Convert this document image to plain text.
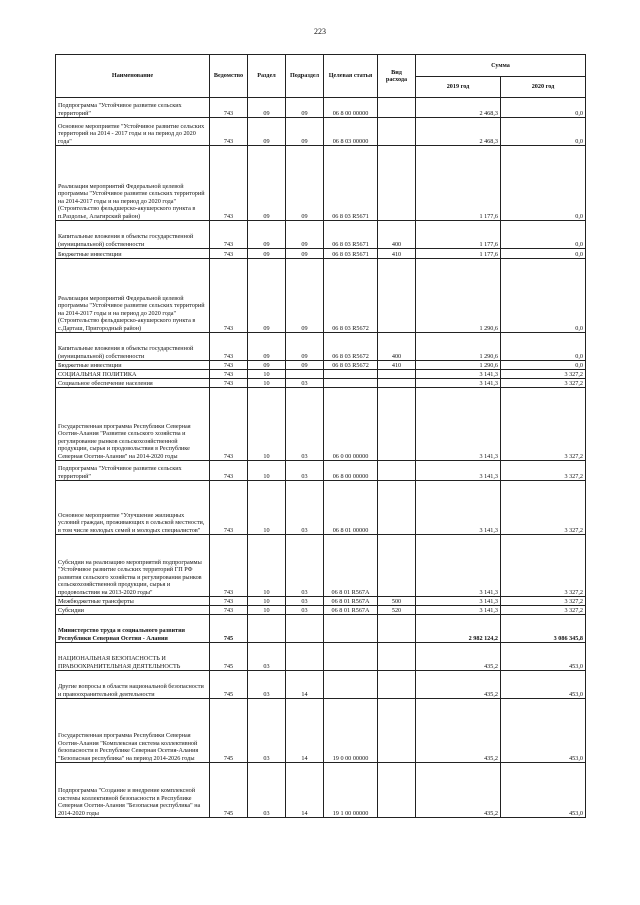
223
Наименование	Ведомство	Раздел	Подраздел	Целевая статья	Вид расхода	Сумма	
						2019 год	2020 год
Подпрограмма "Устойчивое развитие сельских территорий"	743	09	09	06 8 00 00000		2 468,3	0,0
Основное мероприятие "Устойчивое развитие сельских территорий на 2014 - 2017 годы и на период до 2020 года"	743	09	09	06 8 03 00000		2 468,3	0,0
Реализация мероприятий Федеральной целевой программы "Устойчивое развитие сельских территорий на 2014-2017 годы и на период до 2020 года" (Строительство фельдшерско-акушерского пункта в п.Раздолье, Алагирский район)	743	09	09	06 8 03 R5671		1 177,6	0,0
Капитальные вложения в объекты государственной (муниципальной) собственности	743	09	09	06 8 03 R5671	400	1 177,6	0,0
Бюджетные инвестиции	743	09	09	06 8 03 R5671	410	1 177,6	0,0
Реализация мероприятий Федеральной целевой программы "Устойчивое развитие сельских территорий на 2014-2017 годы и на период до 2020 года" (Строительство фельдшерско-акушерского пункта в с.Дарташ, Пригородный район)	743	09	09	06 8 03 R5672		1 290,6	0,0
Капитальные вложения в объекты государственной (муниципальной) собственности	743	09	09	06 8 03 R5672	400	1 290,6	0,0
Бюджетные инвестиции	743	09	09	06 8 03 R5672	410	1 290,6	0,0
СОЦИАЛЬНАЯ ПОЛИТИКА	743	10				3 141,3	3 327,2
Социальное обеспечение населения	743	10	03			3 141,3	3 327,2
Государственная программа Республики Северная Осетия-Алания "Развитие сельского хозяйства и регулирование рынков сельскохозяйственной продукции, сырья и продовольствия в Республике Северная Осетия-Алания" на 2014-2020 годы	743	10	03	06 0 00 00000		3 141,3	3 327,2
Подпрограмма "Устойчивое развитие сельских территорий"	743	10	03	06 8 00 00000		3 141,3	3 327,2
Основное мероприятие "Улучшение жилищных условий граждан, проживающих в сельской местности, в том числе молодых семей и молодых специалистов"	743	10	03	06 8 01 00000		3 141,3	3 327,2
Субсидии на реализацию мероприятий подпрограммы "Устойчивое развитие сельских территорий ГП РФ развития сельского хозяйства и регулирования рынков сельскохозяйственной продукции, сырья и продовольствия на 2013-2020 годы"	743	10	03	06 8 01 R567A		3 141,3	3 327,2
Межбюджетные трансферты	743	10	03	06 8 01 R567A	500	3 141,3	3 327,2
Субсидии	743	10	03	06 8 01 R567A	520	3 141,3	3 327,2
Министерство труда и социального развития Республики Северная Осетия - Алания	745					2 982 124,2	3 086 345,8
НАЦИОНАЛЬНАЯ БЕЗОПАСНОСТЬ И ПРАВООХРАНИТЕЛЬНАЯ ДЕЯТЕЛЬНОСТЬ	745	03				435,2	453,0
Другие вопросы в области национальной безопасности и правоохранительной деятельности	745	03	14			435,2	453,0
Государственная программа Республики Северная Осетия-Алания "Комплексная система коллективной безопасности в Республике Северная Осетия-Алания "Безопасная республика" на период 2014-2026 годы	745	03	14	19 0 00 00000		435,2	453,0
Подпрограмма "Создание и внедрение комплексной системы коллективной безопасности в Республике Северная Осетия-Алания "Безопасная республика" на 2014-2020 годы	745	03	14	19 1 00 00000		435,2	453,0
